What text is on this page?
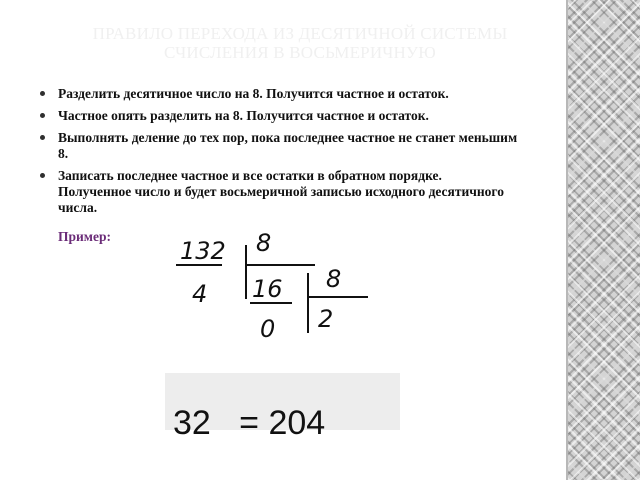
ПРАВИЛО ПЕРЕХОДА ИЗ ДЕСЯТИЧНОЙ СИСТЕМЫ
СЧИСЛЕНИЯ В ВОСЬМЕРИЧНУЮ
Разделить десятичное число на 8. Получится частное и остаток.
Частное опять разделить на 8. Получится частное и остаток.
Выполнять деление до тех пор, пока последнее частное не станет меньшим 8.
Записать последнее частное и все остатки в обратном порядке. Полученное число и будет восьмеричной записью исходного десятичного числа.
Пример:
132 8
4 16 8
0 2
32   = 204
